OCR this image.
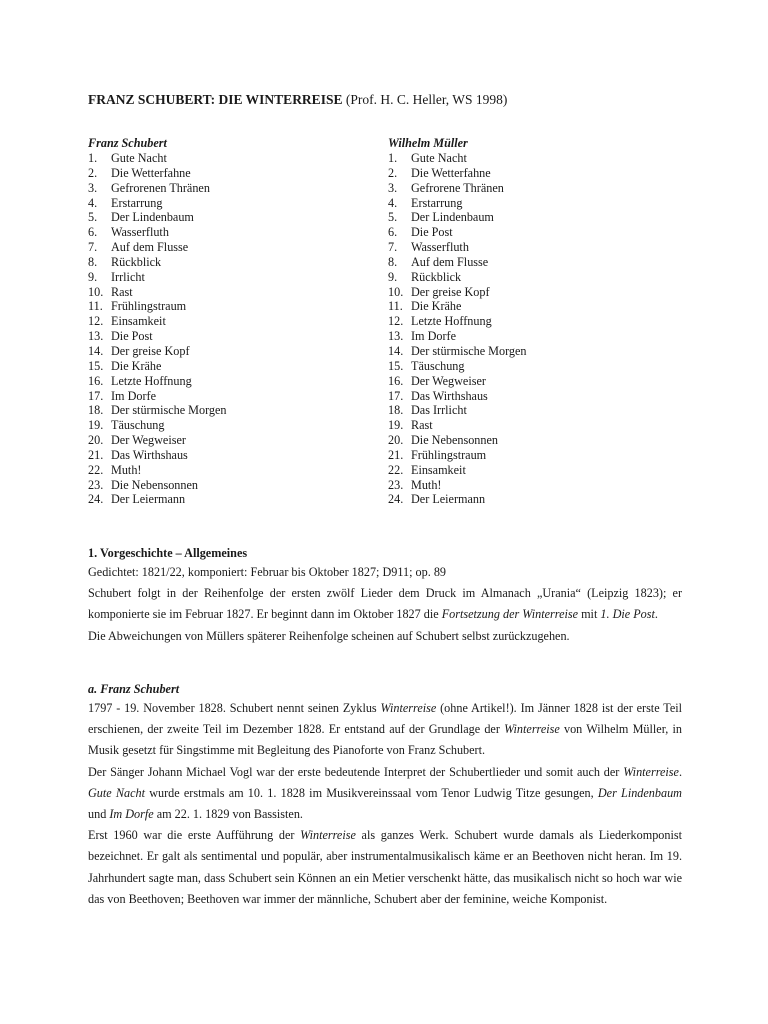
FRANZ SCHUBERT: DIE WINTERREISE (Prof. H. C. Heller, WS 1998)
Franz Schubert
1. Gute Nacht
2. Die Wetterfahne
3. Gefrorenen Thränen
4. Erstarrung
5. Der Lindenbaum
6. Wasserfluth
7. Auf dem Flusse
8. Rückblick
9. Irrlicht
10. Rast
11. Frühlingstraum
12. Einsamkeit
13. Die Post
14. Der greise Kopf
15. Die Krähe
16. Letzte Hoffnung
17. Im Dorfe
18. Der stürmische Morgen
19. Täuschung
20. Der Wegweiser
21. Das Wirthshaus
22. Muth!
23. Die Nebensonnen
24. Der Leiermann
Wilhelm Müller
1. Gute Nacht
2. Die Wetterfahne
3. Gefrorene Thränen
4. Erstarrung
5. Der Lindenbaum
6. Die Post
7. Wasserfluth
8. Auf dem Flusse
9. Rückblick
10. Der greise Kopf
11. Die Krähe
12. Letzte Hoffnung
13. Im Dorfe
14. Der stürmische Morgen
15. Täuschung
16. Der Wegweiser
17. Das Wirthshaus
18. Das Irrlicht
19. Rast
20. Die Nebensonnen
21. Frühlingstraum
22. Einsamkeit
23. Muth!
24. Der Leiermann
1. Vorgeschichte – Allgemeines

Gedichtet: 1821/22, komponiert: Februar bis Oktober 1827; D911; op. 89

Schubert folgt in der Reihenfolge der ersten zwölf Lieder dem Druck im Almanach „Urania“ (Leipzig 1823); er komponierte sie im Februar 1827. Er beginnt dann im Oktober 1827 die Fortsetzung der Winterreise mit 1. Die Post.

Die Abweichungen von Müllers späterer Reihenfolge scheinen auf Schubert selbst zurückzugehen.

a. Franz Schubert

1797 - 19. November 1828. Schubert nennt seinen Zyklus Winterreise (ohne Artikel!). Im Jänner 1828 ist der erste Teil erschienen, der zweite Teil im Dezember 1828. Er entstand auf der Grundlage der Winterreise von Wilhelm Müller, in Musik gesetzt für Singstimme mit Begleitung des Pianoforte von Franz Schubert.

Der Sänger Johann Michael Vogl war der erste bedeutende Interpret der Schubertlieder und somit auch der Winterreise. Gute Nacht wurde erstmals am 10. 1. 1828 im Musikvereinssaal vom Tenor Ludwig Titze gesungen, Der Lindenbaum und Im Dorfe am 22. 1. 1829 von Bassisten.

Erst 1960 war die erste Aufführung der Winterreise als ganzes Werk. Schubert wurde damals als Liederkomponist bezeichnet. Er galt als sentimental und populär, aber instrumentalmusikalisch käme er an Beethoven nicht heran. Im 19. Jahrhundert sagte man, dass Schubert sein Können an ein Metier verschenkt hätte, das musikalisch nicht so hoch war wie das von Beethoven; Beethoven war immer der männliche, Schubert aber der feminine, weiche Komponist.
